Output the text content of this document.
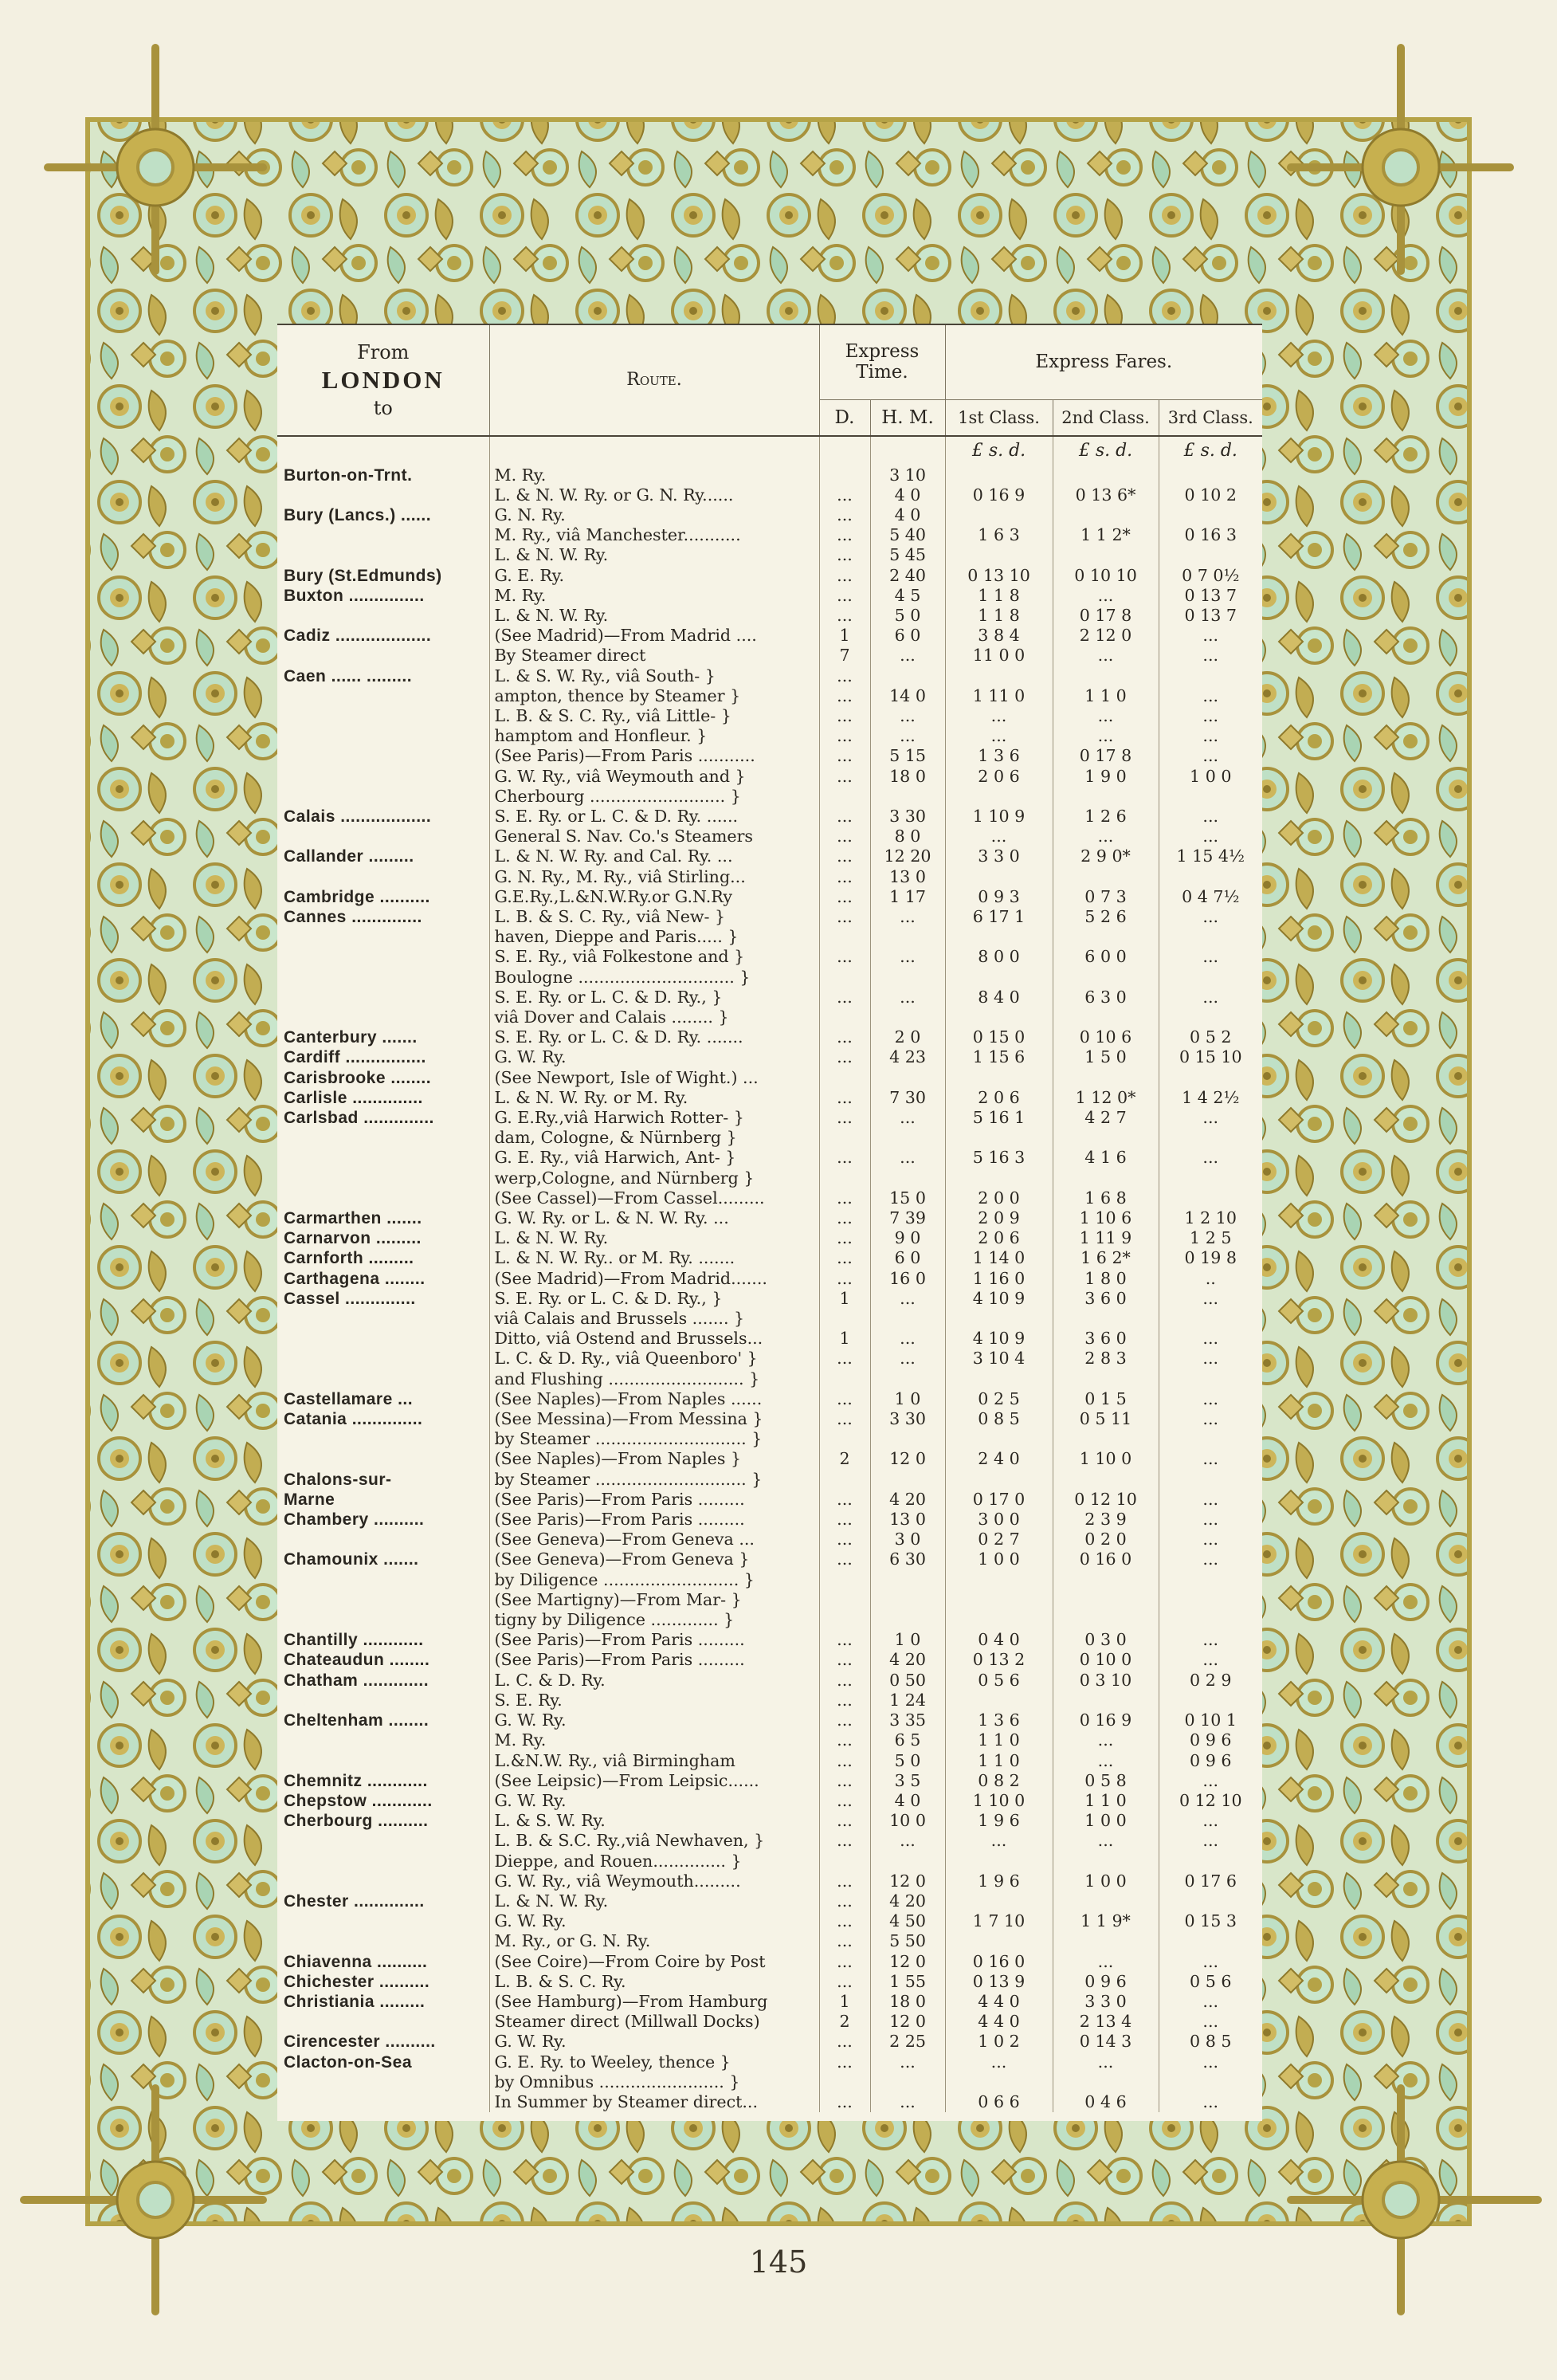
From
LONDON
to	Route.	Express Time.		Express Fares.		
		D.	H. M.	1st Class.	2nd Class.	3rd Class.
				£ s. d.	£ s. d.	£ s. d.
Burton-on-Trnt.	M. Ry.		3 10			
	L. & N. W. Ry. or G. N. Ry......	...	4 0	0 16 9	0 13 6*	0 10 2
Bury (Lancs.) ......	G. N. Ry.	...	4 0			
	M. Ry., viâ Manchester...........	...	5 40	1 6 3	1 1 2*	0 16 3
	L. & N. W. Ry.	...	5 45			
Bury (St.Edmunds)	G. E. Ry.	...	2 40	0 13 10	0 10 10	0 7 0½
Buxton ...............	M. Ry.	...	4 5	1 1 8	...	0 13 7
	L. & N. W. Ry.	...	5 0	1 1 8	0 17 8	0 13 7
Cadiz ...................	(See Madrid)—From Madrid ....	1	6 0	3 8 4	2 12 0	...
	By Steamer direct	7	...	11 0 0	...	...
Caen ...... .........	L. & S. W. Ry., viâ South- }	...				
	ampton, thence by Steamer }	...	14 0	1 11 0	1 1 0	...
	L. B. & S. C. Ry., viâ Little- }	...	...	...	...	...
	hamptom and Honfleur. }	...	...	...	...	...
	(See Paris)—From Paris ...........	...	5 15	1 3 6	0 17 8	...
	G. W. Ry., viâ Weymouth and }	...	18 0	2 0 6	1 9 0	1 0 0
	Cherbourg .......................... }					
Calais ..................	S. E. Ry. or L. C. & D. Ry. ......	...	3 30	1 10 9	1 2 6	...
	General S. Nav. Co.'s Steamers	...	8 0	...	...	...
Callander .........	L. & N. W. Ry. and Cal. Ry. ...	...	12 20	3 3 0	2 9 0*	1 15 4½
	G. N. Ry., M. Ry., viâ Stirling...	...	13 0			
Cambridge ..........	G.E.Ry.,L.&N.W.Ry.or G.N.Ry	...	1 17	0 9 3	0 7 3	0 4 7½
Cannes ..............	L. B. & S. C. Ry., viâ New- }	...	...	6 17 1	5 2 6	...
	haven, Dieppe and Paris..... }					
	S. E. Ry., viâ Folkestone and }	...	...	8 0 0	6 0 0	...
	Boulogne .............................. }					
	S. E. Ry. or L. C. & D. Ry., }	...	...	8 4 0	6 3 0	...
	viâ Dover and Calais ........ }					
Canterbury .......	S. E. Ry. or L. C. & D. Ry. .......	...	2 0	0 15 0	0 10 6	0 5 2
Cardiff ................	G. W. Ry.	...	4 23	1 15 6	1 5 0	0 15 10
Carisbrooke ........	(See Newport, Isle of Wight.) ...					
Carlisle ..............	L. & N. W. Ry. or M. Ry.	...	7 30	2 0 6	1 12 0*	1 4 2½
Carlsbad ..............	G. E.Ry.,viâ Harwich Rotter- }	...	...	5 16 1	4 2 7	...
	dam, Cologne, & Nürnberg }					
	G. E. Ry., viâ Harwich, Ant- }	...	...	5 16 3	4 1 6	...
	werp,Cologne, and Nürnberg }					
	(See Cassel)—From Cassel.........	...	15 0	2 0 0	1 6 8	
Carmarthen .......	G. W. Ry. or L. & N. W. Ry. ...	...	7 39	2 0 9	1 10 6	1 2 10
Carnarvon .........	L. & N. W. Ry.	...	9 0	2 0 6	1 11 9	1 2 5
Carnforth .........	L. & N. W. Ry.. or M. Ry. .......	...	6 0	1 14 0	1 6 2*	0 19 8
Carthagena ........	(See Madrid)—From Madrid.......	...	16 0	1 16 0	1 8 0	..
Cassel ..............	S. E. Ry. or L. C. & D. Ry., }	1	...	4 10 9	3 6 0	...
	viâ Calais and Brussels ....... }					
	Ditto, viâ Ostend and Brussels...	1	...	4 10 9	3 6 0	...
	L. C. & D. Ry., viâ Queenboro' }	...	...	3 10 4	2 8 3	...
	and Flushing .......................... }					
Castellamare ...	(See Naples)—From Naples ......	...	1 0	0 2 5	0 1 5	...
Catania ..............	(See Messina)—From Messina }	...	3 30	0 8 5	0 5 11	...
	by Steamer ............................. }					
	(See Naples)—From Naples }	2	12 0	2 4 0	1 10 0	...
Chalons-sur-	by Steamer ............................. }					
Marne	(See Paris)—From Paris .........	...	4 20	0 17 0	0 12 10	...
Chambery ..........	(See Paris)—From Paris .........	...	13 0	3 0 0	2 3 9	...
	(See Geneva)—From Geneva ...	...	3 0	0 2 7	0 2 0	...
Chamounix .......	(See Geneva)—From Geneva }	...	6 30	1 0 0	0 16 0	...
	by Diligence .......................... }					
	(See Martigny)—From Mar- }					
	tigny by Diligence ............. }					
Chantilly ............	(See Paris)—From Paris .........	...	1 0	0 4 0	0 3 0	...
Chateaudun ........	(See Paris)—From Paris .........	...	4 20	0 13 2	0 10 0	...
Chatham .............	L. C. & D. Ry.	...	0 50	0 5 6	0 3 10	0 2 9
	S. E. Ry.	...	1 24			
Cheltenham ........	G. W. Ry.	...	3 35	1 3 6	0 16 9	0 10 1
	M. Ry.	...	6 5	1 1 0	...	0 9 6
	L.&N.W. Ry., viâ Birmingham	...	5 0	1 1 0	...	0 9 6
Chemnitz ............	(See Leipsic)—From Leipsic......	...	3 5	0 8 2	0 5 8	...
Chepstow ............	G. W. Ry.	...	4 0	1 10 0	1 1 0	0 12 10
Cherbourg ..........	L. & S. W. Ry.	...	10 0	1 9 6	1 0 0	...
	L. B. & S.C. Ry.,viâ Newhaven, }	...	...	...	...	...
	Dieppe, and Rouen.............. }					
	G. W. Ry., viâ Weymouth.........	...	12 0	1 9 6	1 0 0	0 17 6
Chester ..............	L. & N. W. Ry.	...	4 20			
	G. W. Ry.	...	4 50	1 7 10	1 1 9*	0 15 3
	M. Ry., or G. N. Ry.	...	5 50			
Chiavenna ..........	(See Coire)—From Coire by Post	...	12 0	0 16 0	...	...
Chichester ..........	L. B. & S. C. Ry.	...	1 55	0 13 9	0 9 6	0 5 6
Christiania .........	(See Hamburg)—From Hamburg	1	18 0	4 4 0	3 3 0	...
	Steamer direct (Millwall Docks)	2	12 0	4 4 0	2 13 4	...
Cirencester ..........	G. W. Ry.	...	2 25	1 0 2	0 14 3	0 8 5
Clacton-on-Sea	G. E. Ry. to Weeley, thence }	...	...	...	...	...
	by Omnibus ........................ }					
	In Summer by Steamer direct...	...	...	0 6 6	0 4 6	...
145
